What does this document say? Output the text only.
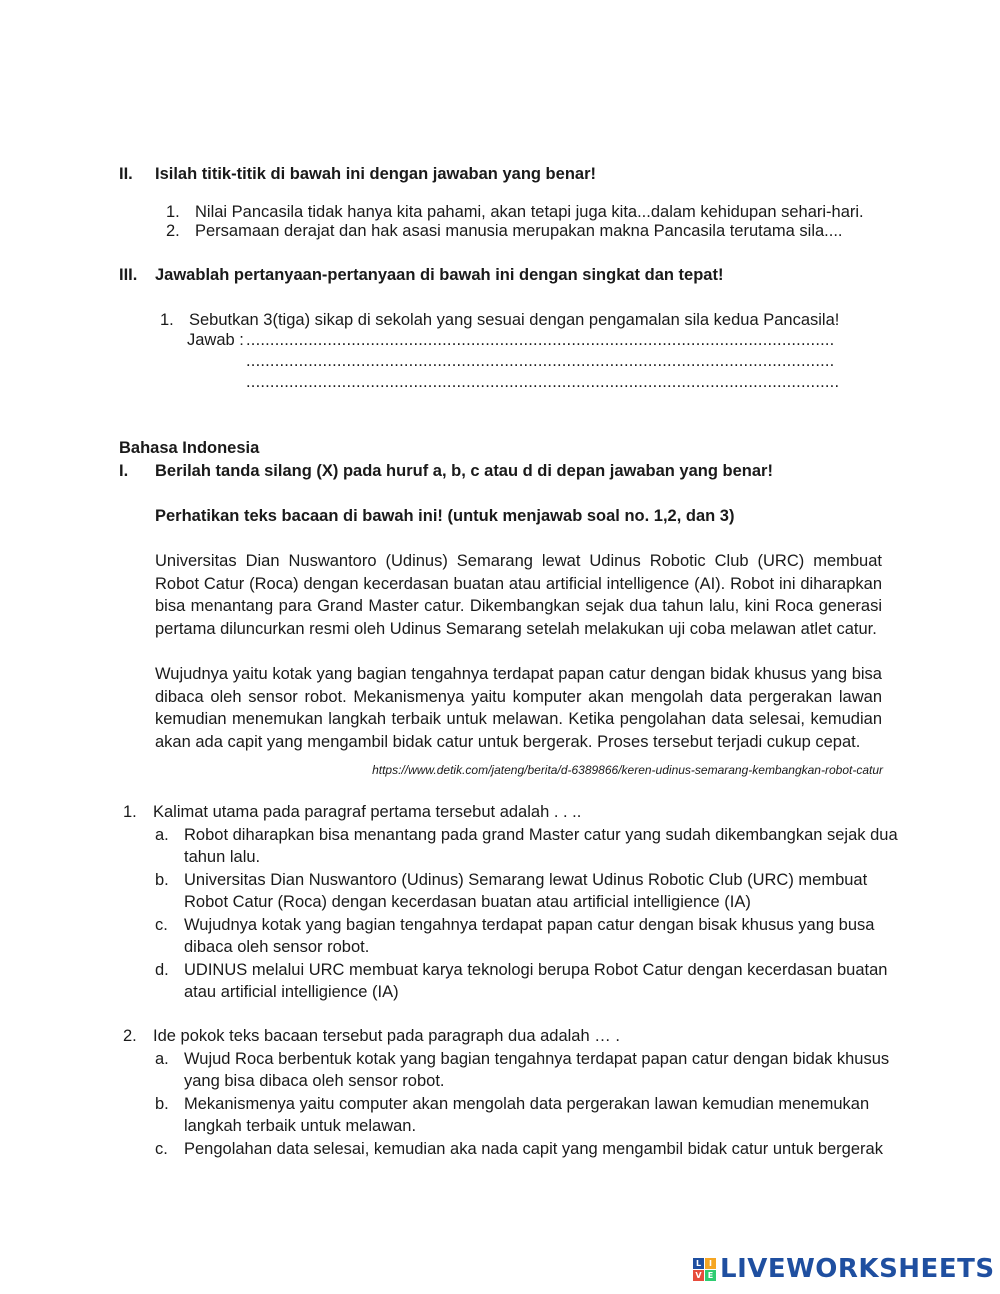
II. Isilah titik-titik di bawah ini dengan jawaban yang benar!
1. Nilai Pancasila tidak hanya kita pahami, akan tetapi juga kita...dalam kehidupan sehari-hari.
2. Persamaan derajat dan hak asasi manusia merupakan makna Pancasila terutama sila....
III. Jawablah pertanyaan-pertanyaan di bawah ini dengan singkat dan tepat!
1. Sebutkan 3(tiga) sikap di sekolah yang sesuai dengan pengamalan sila kedua Pancasila!
Jawab : ...........................................................................................................................
...........................................................................................................................
............................................................................................................................
Bahasa Indonesia
I. Berilah tanda silang (X) pada huruf a, b, c atau d di depan jawaban yang benar!
Perhatikan teks bacaan di bawah ini! (untuk menjawab soal no. 1,2, dan 3)
Universitas Dian Nuswantoro (Udinus) Semarang lewat Udinus Robotic Club (URC) membuat Robot Catur (Roca) dengan kecerdasan buatan atau artificial intelligence (AI). Robot ini diharapkan bisa menantang para Grand Master catur. Dikembangkan sejak dua tahun lalu, kini Roca generasi pertama diluncurkan resmi oleh Udinus Semarang setelah melakukan uji coba melawan atlet catur.
Wujudnya yaitu kotak yang bagian tengahnya terdapat papan catur dengan bidak khusus yang bisa dibaca oleh sensor robot. Mekanismenya yaitu komputer akan mengolah data pergerakan lawan kemudian menemukan langkah terbaik untuk melawan. Ketika pengolahan data selesai, kemudian akan ada capit yang mengambil bidak catur untuk bergerak. Proses tersebut terjadi cukup cepat.
https://www.detik.com/jateng/berita/d-6389866/keren-udinus-semarang-kembangkan-robot-catur
1. Kalimat utama pada paragraf pertama tersebut adalah . . ..
a. Robot diharapkan bisa menantang pada grand Master catur yang sudah dikembangkan sejak dua
tahun lalu.
b. Universitas Dian Nuswantoro (Udinus) Semarang lewat Udinus Robotic Club (URC) membuat
Robot Catur (Roca) dengan kecerdasan buatan atau artificial intelligience (IA)
c. Wujudnya kotak yang bagian tengahnya terdapat papan catur dengan bisak khusus yang busa
dibaca oleh sensor robot.
d. UDINUS melalui URC membuat karya teknologi berupa Robot Catur dengan kecerdasan buatan
atau artificial intelligience (IA)
2. Ide pokok teks bacaan tersebut pada paragraph dua adalah … .
a. Wujud Roca berbentuk kotak yang bagian tengahnya terdapat papan catur dengan bidak khusus
yang bisa dibaca oleh sensor robot.
b. Mekanismenya yaitu computer akan mengolah data pergerakan lawan kemudian menemukan
langkah terbaik untuk melawan.
c. Pengolahan data selesai, kemudian aka nada capit yang mengambil bidak catur untuk bergerak
L I
V E LIVEWORKSHEETS
